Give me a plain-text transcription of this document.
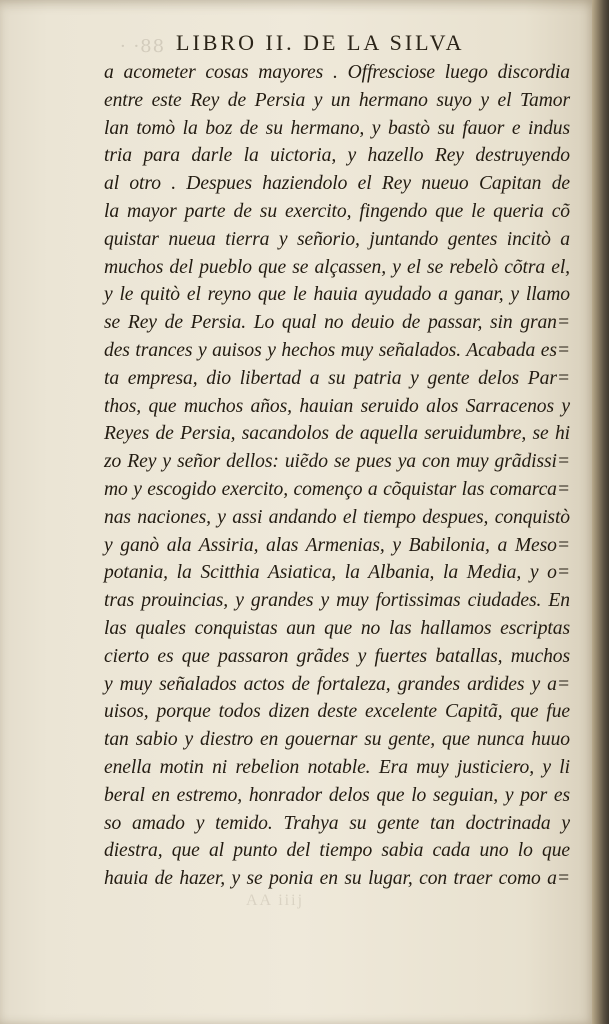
· ·88 LIBRO II. DE LA SILVA
a acometer cosas mayores . Offresciose luego discordia
entre este Rey de Persia y un hermano suyo y el Tamor
lan tomò la boz de su hermano, y bastò su fauor e indus
tria para darle la uictoria, y hazello Rey destruyendo
al otro . Despues haziendolo el Rey nueuo Capitan de
la mayor parte de su exercito, fingendo que le queria cõ
quistar nueua tierra y señorio, juntando gentes incitò a
muchos del pueblo que se alçassen, y el se rebelò cõtra el,
y le quitò el reyno que le hauia ayudado a ganar, y llamo
se Rey de Persia. Lo qual no deuio de passar, sin gran=
des trances y auisos y hechos muy señalados. Acabada es=
ta empresa, dio libertad a su patria y gente delos Par=
thos, que muchos años, hauian seruido alos Sarracenos y
Reyes de Persia, sacandolos de aquella seruidumbre, se hi
zo Rey y señor dellos: uiẽdo se pues ya con muy grãdissi=
mo y escogido exercito, començo a cõquistar las comarca=
nas naciones, y assi andando el tiempo despues, conquistò
y ganò ala Assiria, alas Armenias, y Babilonia, a Meso=
potania, la Scitthia Asiatica, la Albania, la Media, y o=
tras prouincias, y grandes y muy fortissimas ciudades. En
las quales conquistas aun que no las hallamos escriptas
cierto es que passaron grãdes y fuertes batallas, muchos
y muy señalados actos de fortaleza, grandes ardides y a=
uisos, porque todos dizen deste excelente Capitã, que fue
tan sabio y diestro en gouernar su gente, que nunca huuo
enella motin ni rebelion notable. Era muy justiciero, y li
beral en estremo, honrador delos que lo seguian, y por es
so amado y temido. Trahya su gente tan doctrinada y
diestra, que al punto del tiempo sabia cada uno lo que
hauia de hazer, y se ponia en su lugar, con traer como a=
AA iiij
